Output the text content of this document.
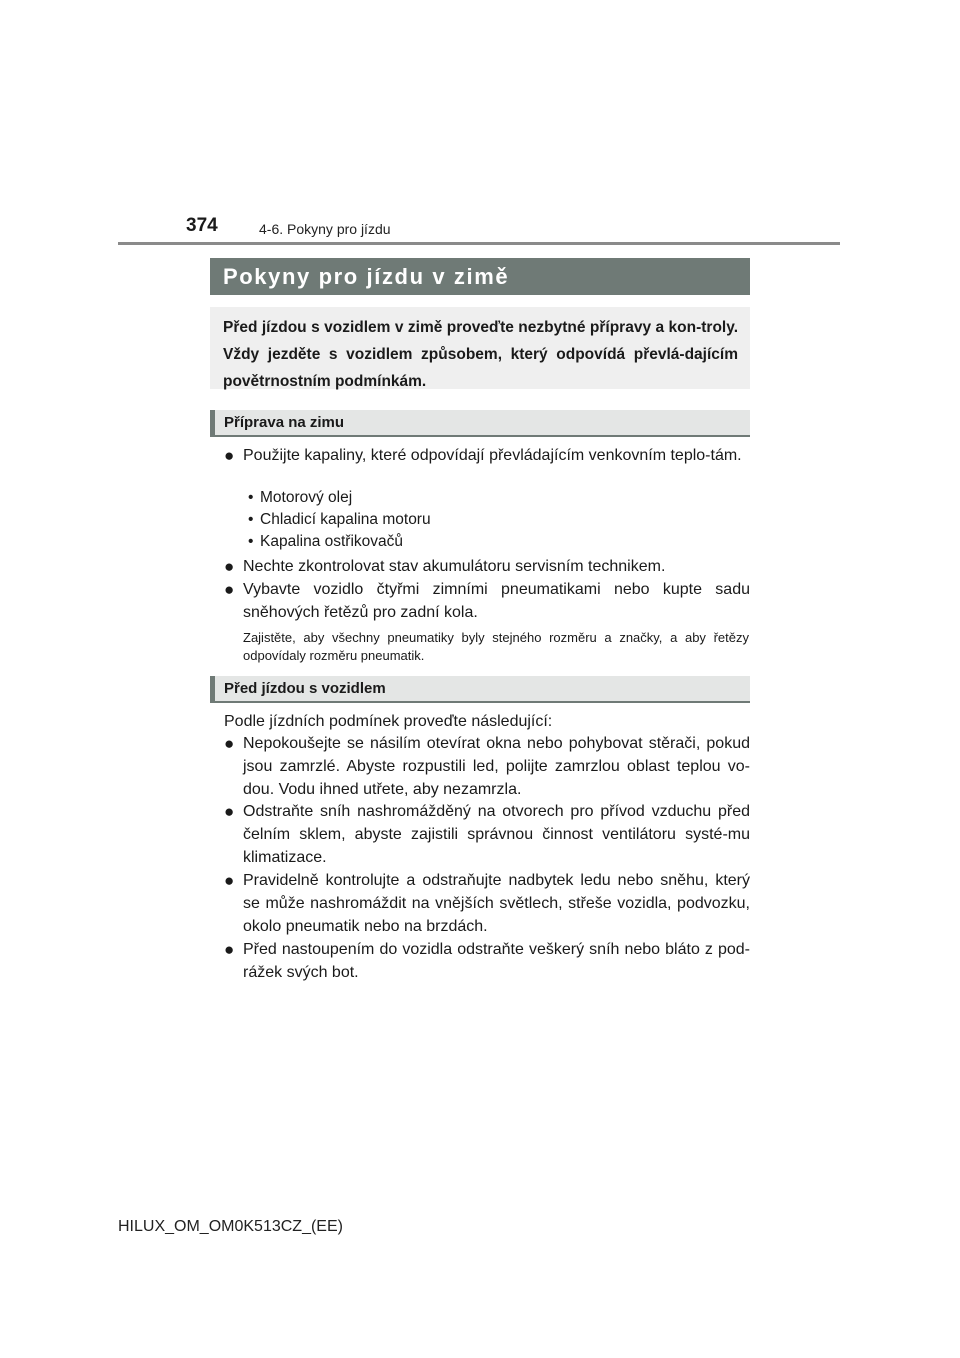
374	4-6. Pokyny pro jízdu
Pokyny pro jízdu v zimě
Před jízdou s vozidlem v zimě proveďte nezbytné přípravy a kon-troly. Vždy jezděte s vozidlem způsobem, který odpovídá převlá-dajícím povětrnostním podmínkám.
Příprava na zimu
● Použijte kapaliny, které odpovídají převládajícím venkovním teplo-tám.
• Motorový olej
• Chladicí kapalina motoru
• Kapalina ostřikovačů
● Nechte zkontrolovat stav akumulátoru servisním technikem.
● Vybavte vozidlo čtyřmi zimními pneumatikami nebo kupte sadu sněhových řetězů pro zadní kola.
Zajistěte, aby všechny pneumatiky byly stejného rozměru a značky, a aby řetězy odpovídaly rozměru pneumatik.
Před jízdou s vozidlem
Podle jízdních podmínek proveďte následující:
● Nepokoušejte se násilím otevírat okna nebo pohybovat stěrači, pokud jsou zamrzlé. Abyste rozpustili led, polijte zamrzlou oblast teplou vo-dou. Vodu ihned utřete, aby nezamrzla.
● Odstraňte sníh nashromážděný na otvorech pro přívod vzduchu před čelním sklem, abyste zajistili správnou činnost ventilátoru systé-mu klimatizace.
● Pravidelně kontrolujte a odstraňujte nadbytek ledu nebo sněhu, který se může nashromáždit na vnějších světlech, střeše vozidla, podvozku, okolo pneumatik nebo na brzdách.
● Před nastoupením do vozidla odstraňte veškerý sníh nebo bláto z pod-rážek svých bot.
HILUX_OM_OM0K513CZ_(EE)
